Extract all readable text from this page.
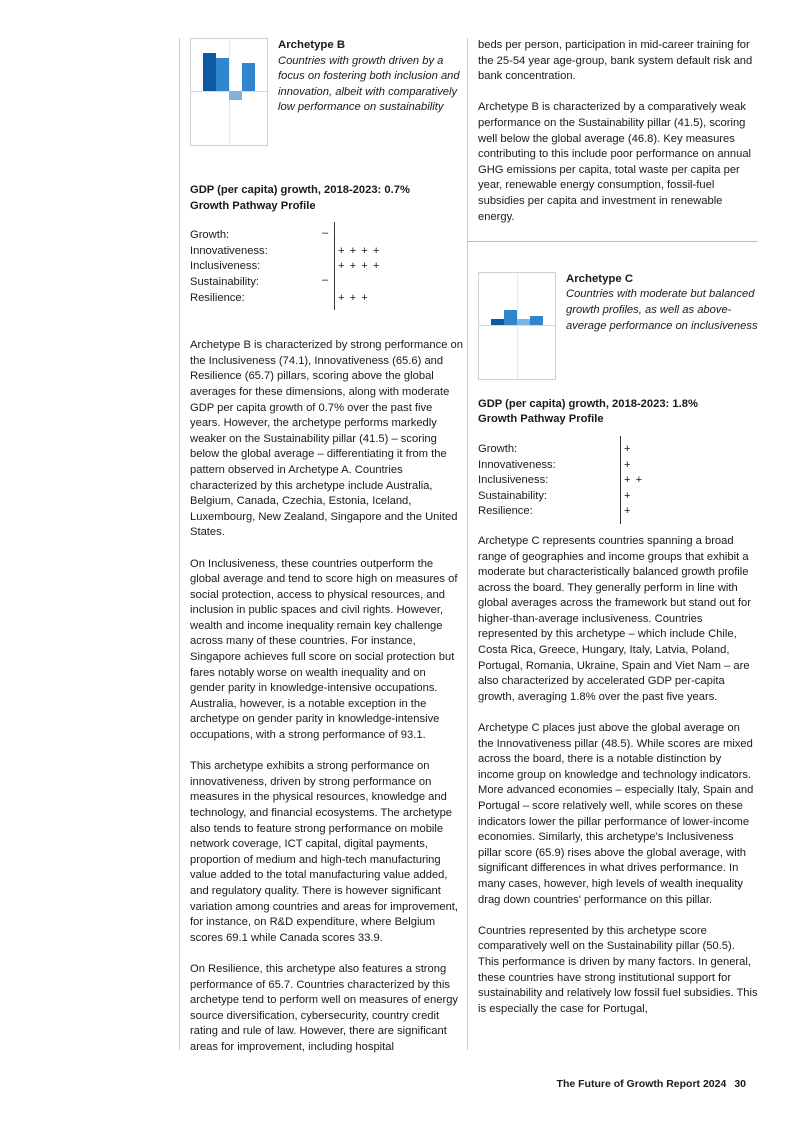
Archetype B
Countries with growth driven by a focus on fostering both inclusion and innovation, albeit with comparatively low performance on sustainability
GDP (per capita) growth, 2018-2023: 0.7%
Growth Pathway Profile
Growth:	–
Innovativeness:	+ + + +
Inclusiveness:	+ + + +
Sustainability:	–
Resilience:	+ + +

Archetype B is characterized by strong performance on the Inclusiveness (74.1), Innovativeness (65.6) and Resilience (65.7) pillars, scoring above the global averages for these dimensions, along with moderate GDP per capita growth of 0.7% over the past five years. However, the archetype performs markedly weaker on the Sustainability pillar (41.5) – scoring below the global average – differentiating it from the pattern observed in Archetype A. Countries characterized by this archetype include Australia, Belgium, Canada, Czechia, Estonia, Iceland, Luxembourg, New Zealand, Singapore and the United States.

On Inclusiveness, these countries outperform the global average and tend to score high on measures of social protection, access to physical resources, and inclusion in public spaces and civil rights. However, wealth and income inequality remain key challenge across many of these countries. For instance, Singapore achieves full score on social protection but fares notably worse on wealth inequality and on gender parity in knowledge-intensive occupations. Australia, however, is a notable exception in the archetype on gender parity in knowledge-intensive occupations, with a strong performance of 93.1.

This archetype exhibits a strong performance on innovativeness, driven by strong performance on measures in the physical resources, knowledge and technology, and financial ecosystems. The archetype also tends to feature strong performance on mobile network coverage, ICT capital, digital payments, proportion of medium and high-tech manufacturing value added to the total manufacturing value added, and regulatory quality. There is however significant variation among countries and areas for improvement, for instance, on R&D expenditure, where Belgium scores 69.1 while Canada scores 33.9.

On Resilience, this archetype also features a strong performance of 65.7. Countries characterized by this archetype tend to perform well on measures of energy source diversification, cybersecurity, country credit rating and rule of law. However, there are significant areas for improvement, including hospital

beds per person, participation in mid-career training for the 25-54 year age-group, bank system default risk and bank concentration.

Archetype B is characterized by a comparatively weak performance on the Sustainability pillar (41.5), scoring well below the global average (46.8). Key measures contributing to this include poor performance on annual GHG emissions per capita, total waste per capita per year, renewable energy consumption, fossil-fuel subsidies per capita and investment in renewable energy.

Archetype C
Countries with moderate but balanced growth profiles, as well as above-average performance on inclusiveness
GDP (per capita) growth, 2018-2023: 1.8%
Growth Pathway Profile
Growth:	+
Innovativeness:	+
Inclusiveness:	+ +
Sustainability:	+
Resilience:	+

Archetype C represents countries spanning a broad range of geographies and income groups that exhibit a moderate but characteristically balanced growth profile across the board. They generally perform in line with global averages across the framework but stand out for higher-than-average inclusiveness. Countries represented by this archetype – which include Chile, Costa Rica, Greece, Hungary, Italy, Latvia, Poland, Portugal, Romania, Ukraine, Spain and Viet Nam – are also characterized by accelerated GDP per-capita growth, averaging 1.8% over the past five years.

Archetype C places just above the global average on the Innovativeness pillar (48.5). While scores are mixed across the board, there is a notable distinction by income group on knowledge and technology indicators. More advanced economies – especially Italy, Spain and Portugal – score relatively well, while scores on these indicators lower the pillar performance of lower-income economies. Similarly, this archetype's Inclusiveness pillar score (65.9) rises above the global average, with significant differences in what drives performance. In many cases, however, high levels of wealth inequality drag down countries' performance on this pillar.

Countries represented by this archetype score comparatively well on the Sustainability pillar (50.5). This performance is driven by many factors. In general, these countries have strong institutional support for sustainability and relatively low fossil fuel subsidies. This is especially the case for Portugal,

The Future of Growth Report 2024 30
